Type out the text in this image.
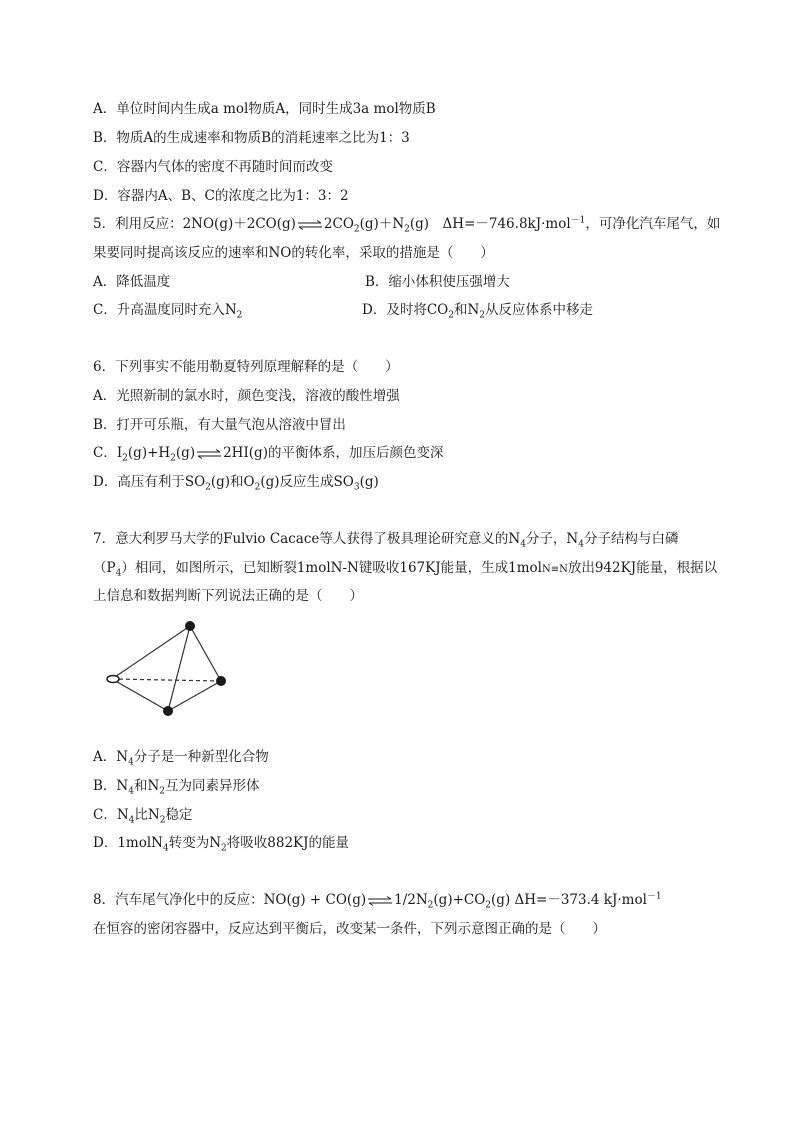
A．单位时间内生成a mol物质A，同时生成3a mol物质B
B．物质A的生成速率和物质B的消耗速率之比为1：3
C．容器内气体的密度不再随时间而改变
D．容器内A、B、C的浓度之比为1：3：2
5．利用反应：$2NO(g)+2CO(g)\rightleftharpoons 2CO_2(g)+N_2(g)$　ΔH=－746.8kJ·mol$^{-1}$，可净化汽车尾气，如
果要同时提高该反应的速率和NO的转化率，采取的措施是（　　）
A．降低温度	B．缩小体积使压强增大
C．升高温度同时充入$N_2$	D．及时将$CO_2$和$N_2$从反应体系中移走
6．下列事实不能用勒夏特列原理解释的是（　　）
A．光照新制的氯水时，颜色变浅，溶液的酸性增强
B．打开可乐瓶，有大量气泡从溶液中冒出
C．$I_2(g)+H_2(g)\rightleftharpoons 2HI(g)$的平衡体系，加压后颜色变深
D．高压有利于$SO_2(g)$和$O_2(g)$反应生成$SO_3(g)$
7．意大利罗马大学的Fulvio Cacace等人获得了极具理论研究意义的$N_4$分子，$N_4$分子结构与白磷
$(P_4)$相同，如图所示，已知断裂1molN-N键吸收167KJ能量，生成1molN≡N放出942KJ能量，根据以
上信息和数据判断下列说法正确的是（　　）
A．$N_4$分子是一种新型化合物
B．$N_4$和$N_2$互为同素异形体
C．$N_4$比$N_2$稳定
D．1molN$_4$转变为$N_2$将吸收882KJ的能量
8．汽车尾气净化中的反应：$NO(g) + CO(g)\rightleftharpoons 1/2N_2(g)+CO_2(g)$ ΔH=－373.4 kJ·mol$^{-1}$
在恒容的密闭容器中，反应达到平衡后，改变某一条件，下列示意图正确的是（　　）
